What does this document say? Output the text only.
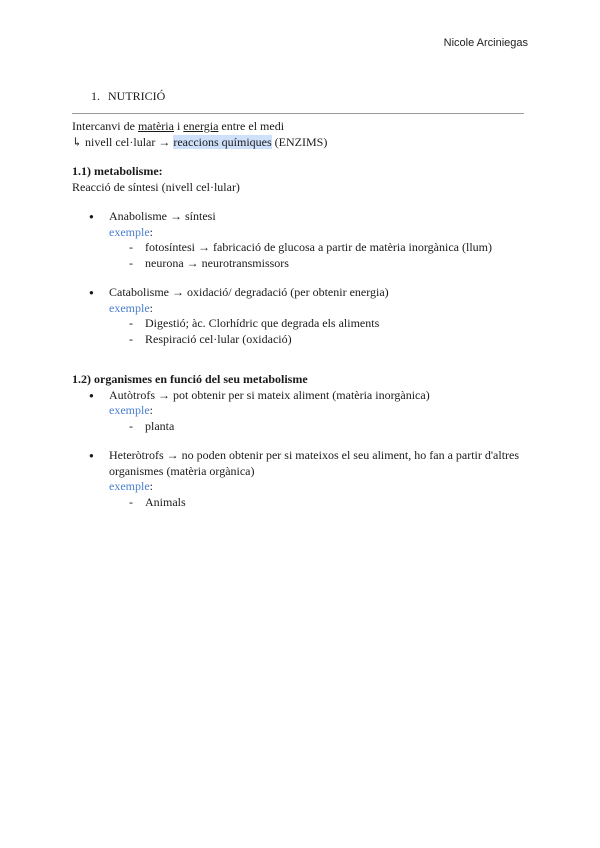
Nicole Arciniegas
1. NUTRICIÓ
Intercanvi de matèria i energia entre el medi
↳ nivell cel·lular → reaccions químiques (ENZIMS)
1.1) metabolisme:
Reacció de síntesi (nivell cel·lular)
● Anabolisme → síntesi
exemple:
- fotosíntesi → fabricació de glucosa a partir de matèria inorgànica (llum)
- neurona → neurotransmissors
● Catabolisme → oxidació/ degradació (per obtenir energia)
exemple:
- Digestió; àc. Clorhídric que degrada els aliments
- Respiració cel·lular (oxidació)
1.2) organismes en funció del seu metabolisme
● Autòtrofs → pot obtenir per si mateix aliment (matèria inorgànica)
exemple:
- planta
● Heteròtrofs → no poden obtenir per si mateixos el seu aliment, ho fan a partir d'altres organismes (matèria orgànica)
exemple:
- Animals
